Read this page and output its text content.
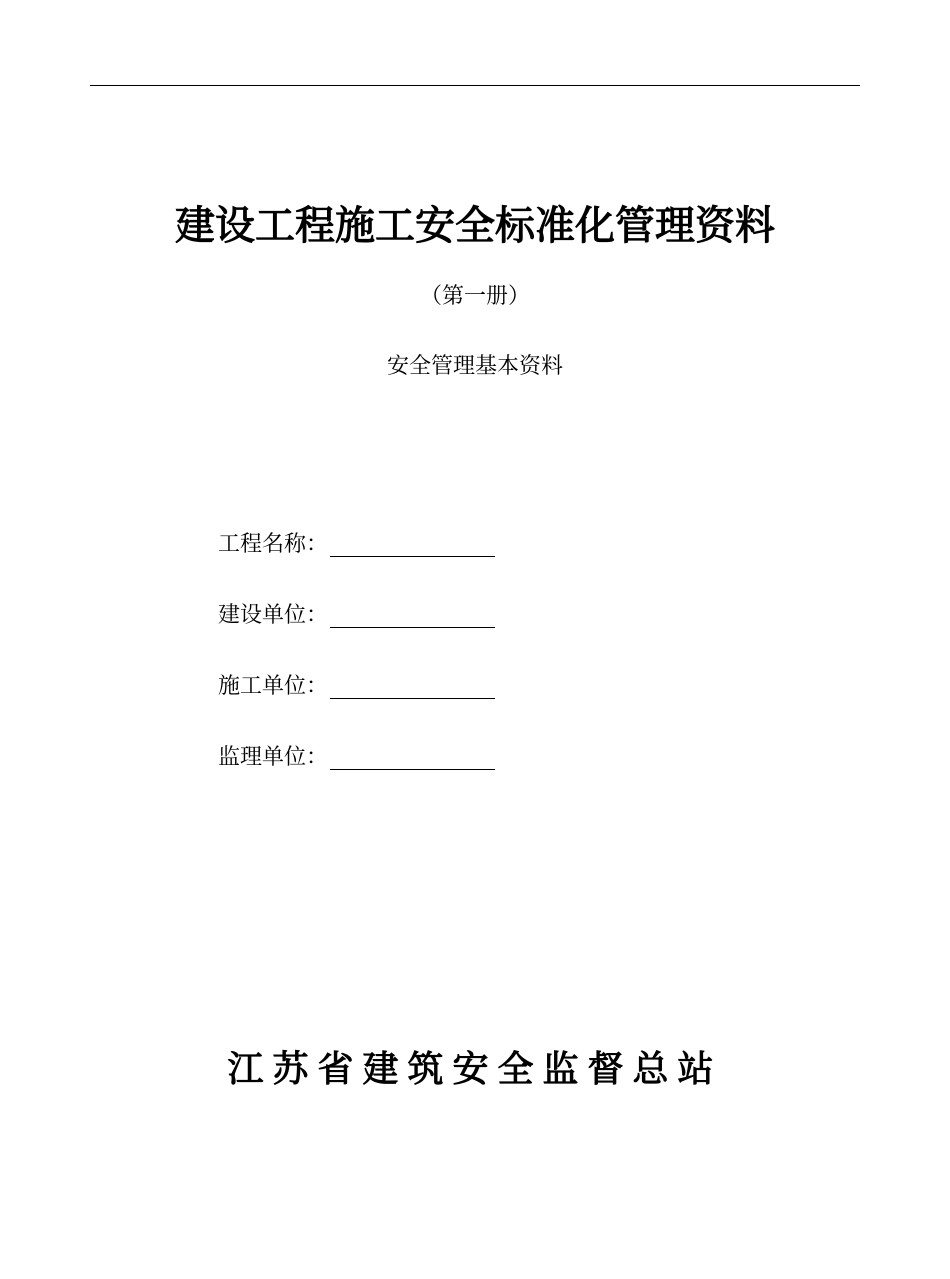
建设工程施工安全标准化管理资料
（第一册）
安全管理基本资料
工程名称：
建设单位：
施工单位：
监理单位：
江苏省建筑安全监督总站
